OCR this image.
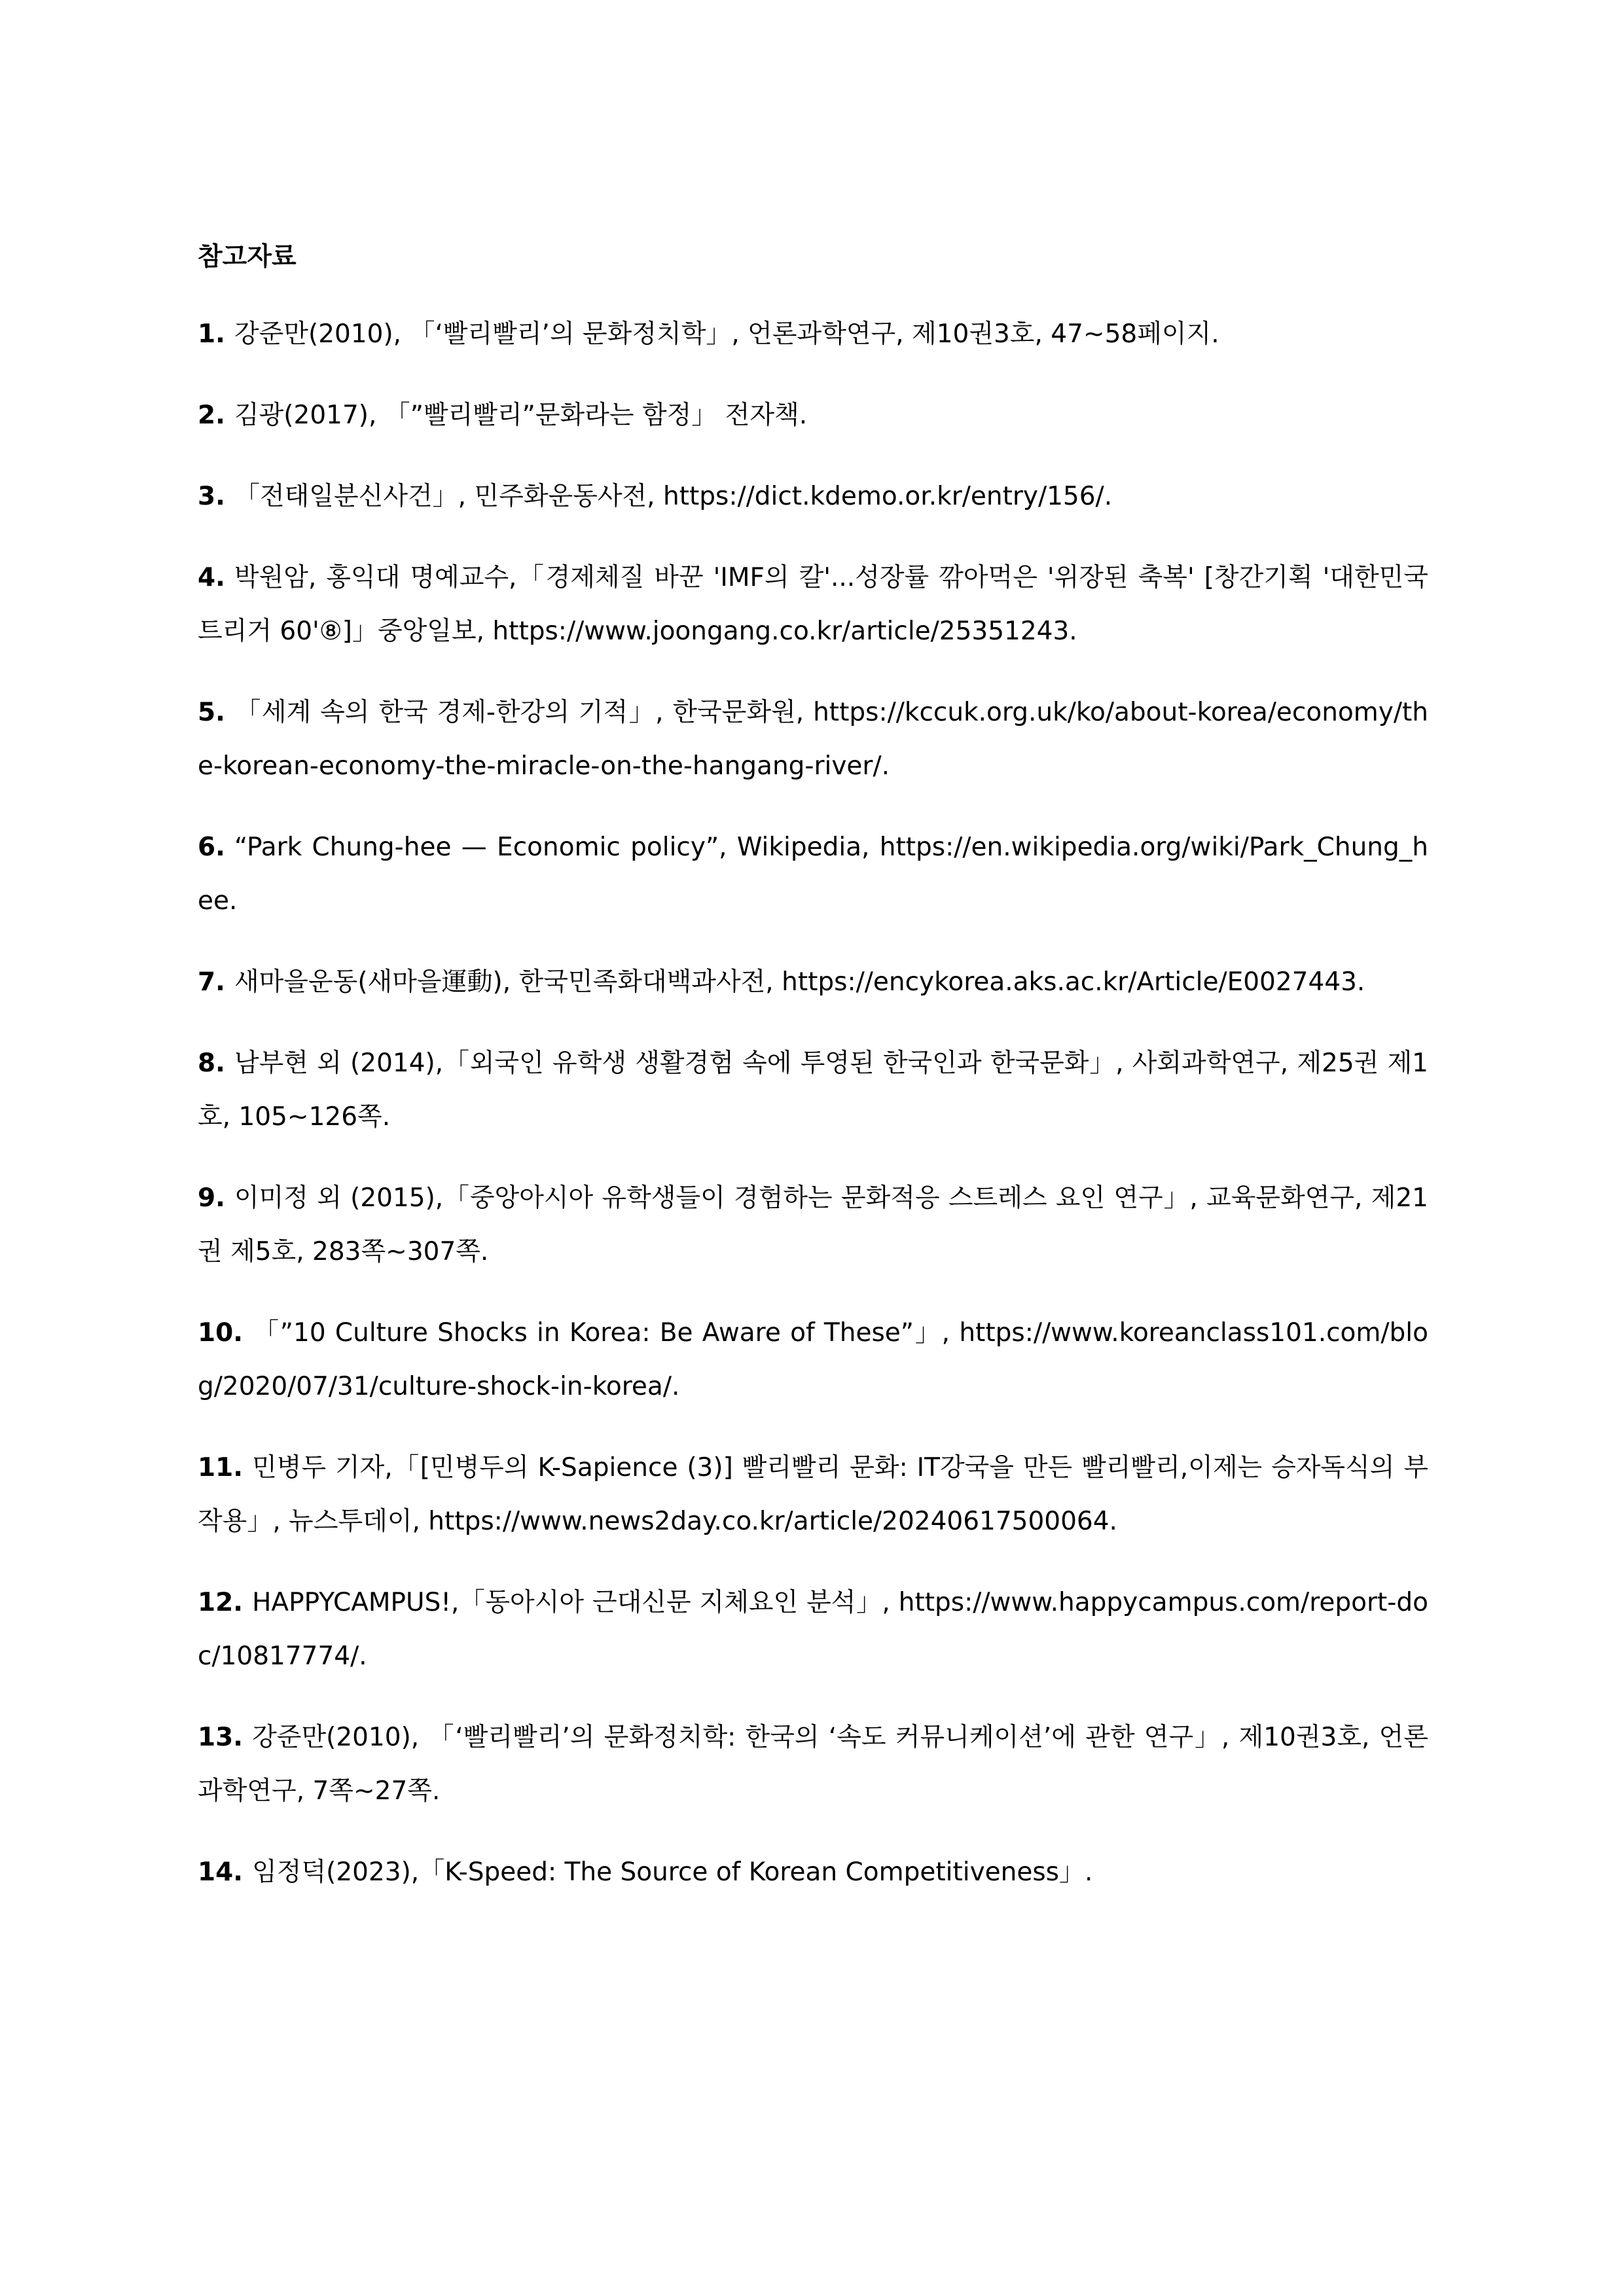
참고자료
1. 강준만(2010), 「‘빨리빨리’의 문화정치학」, 언론과학연구, 제10권3호, 47~58페이지.
2. 김광(2017), 「”빨리빨리”문화라는 함정」 전자책.
3. 「전태일분신사건」, 민주화운동사전, https://dict.kdemo.or.kr/entry/156/.
4. 박원암, 홍익대 명예교수,「경제체질 바꾼 'IMF의 칼'...성장률 깎아먹은 '위장된 축복' [창간기획 '대한민국 트리거 60'⑧]」중앙일보, https://www.joongang.co.kr/article/25351243.
5. 「세계 속의 한국 경제-한강의 기적」, 한국문화원, https://kccuk.org.uk/ko/about-korea/economy/the-korean-economy-the-miracle-on-the-hangang-river/.
6. “Park Chung-hee — Economic policy”, Wikipedia, https://en.wikipedia.org/wiki/Park_Chung_hee.
7. 새마을운동(새마을運動), 한국민족화대백과사전, https://encykorea.aks.ac.kr/Article/E0027443.
8. 남부현 외 (2014),「외국인 유학생 생활경험 속에 투영된 한국인과 한국문화」, 사회과학연구, 제25권 제1호, 105~126쪽.
9. 이미정 외 (2015),「중앙아시아 유학생들이 경험하는 문화적응 스트레스 요인 연구」, 교육문화연구, 제21권 제5호, 283쪽~307쪽.
10. 「”10 Culture Shocks in Korea: Be Aware of These”」, https://www.koreanclass101.com/blog/2020/07/31/culture-shock-in-korea/.
11. 민병두 기자,「[민병두의 K-Sapience (3)] 빨리빨리 문화: IT강국을 만든 빨리빨리,이제는 승자독식의 부작용」, 뉴스투데이, https://www.news2day.co.kr/article/20240617500064.
12. HAPPYCAMPUS!,「동아시아 근대신문 지체요인 분석」, https://www.happycampus.com/report-doc/10817774/.
13. 강준만(2010), 「‘빨리빨리’의 문화정치학: 한국의 ‘속도 커뮤니케이션’에 관한 연구」, 제10권3호, 언론과학연구, 7쪽~27쪽.
14. 임정덕(2023),「K-Speed: The Source of Korean Competitiveness」.
